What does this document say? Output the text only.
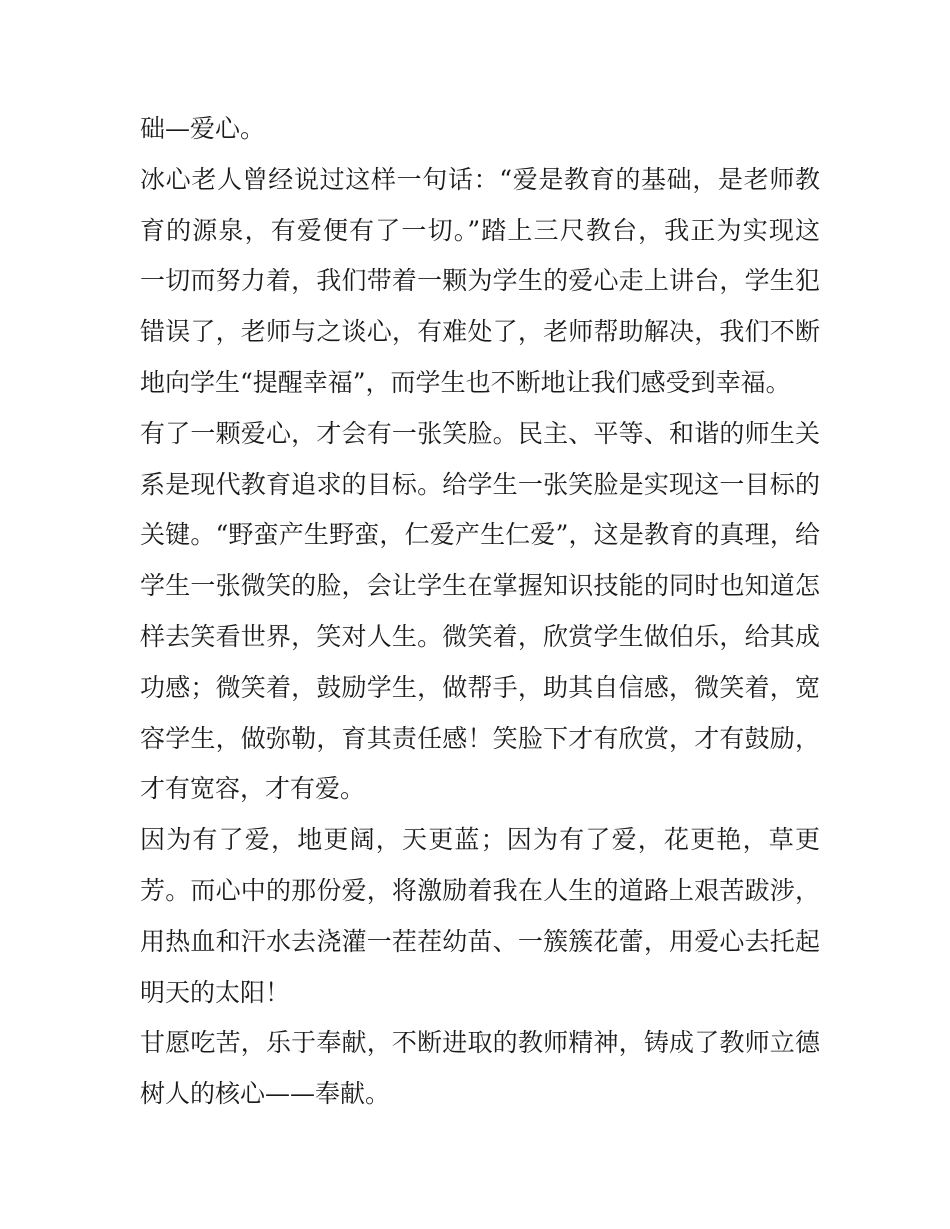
础—爱心。
冰心老人曾经说过这样一句话：“爱是教育的基础，是老师教
育的源泉，有爱便有了一切。”踏上三尺教台，我正为实现这
一切而努力着，我们带着一颗为学生的爱心走上讲台，学生犯
错误了，老师与之谈心，有难处了，老师帮助解决，我们不断
地向学生“提醒幸福”，而学生也不断地让我们感受到幸福。
有了一颗爱心，才会有一张笑脸。民主、平等、和谐的师生关
系是现代教育追求的目标。给学生一张笑脸是实现这一目标的
关键。“野蛮产生野蛮，仁爱产生仁爱”，这是教育的真理，给
学生一张微笑的脸，会让学生在掌握知识技能的同时也知道怎
样去笑看世界，笑对人生。微笑着，欣赏学生做伯乐，给其成
功感；微笑着，鼓励学生，做帮手，助其自信感，微笑着，宽
容学生，做弥勒，育其责任感！笑脸下才有欣赏，才有鼓励，
才有宽容，才有爱。
因为有了爱，地更阔，天更蓝；因为有了爱，花更艳，草更
芳。而心中的那份爱，将激励着我在人生的道路上艰苦跋涉，
用热血和汗水去浇灌一茬茬幼苗、一簇簇花蕾，用爱心去托起
明天的太阳！
甘愿吃苦，乐于奉献，不断进取的教师精神，铸成了教师立德
树人的核心——奉献。
